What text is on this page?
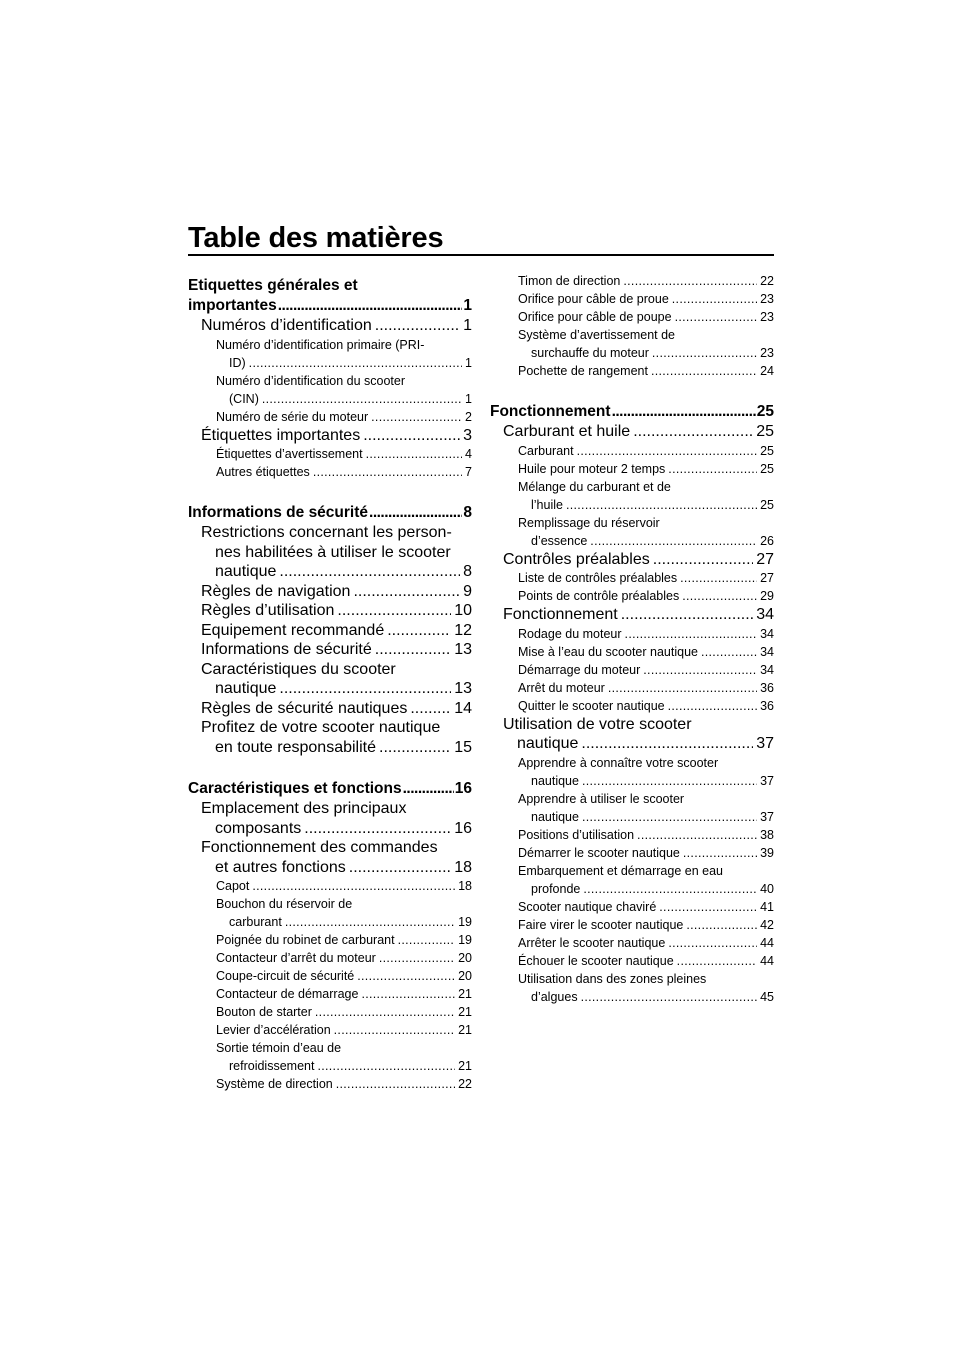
Table des matières
Etiquettes générales et
importantes .....	1
Numéros d’identification .....	1
Numéro d’identification primaire (PRI-
ID) .....	1
Numéro d’identification du scooter
(CIN) .....	1
Numéro de série du moteur .....	2
Étiquettes importantes .....	3
Étiquettes d’avertissement .....	4
Autres étiquettes .....	7
Informations de sécurité .....	8
Restrictions concernant les person-
nes habilitées à utiliser le scooter
nautique .....	8
Règles de navigation .....	9
Règles d’utilisation .....	10
Equipement recommandé .....	12
Informations de sécurité .....	13
Caractéristiques du scooter
nautique .....	13
Règles de sécurité nautiques .....	14
Profitez de votre scooter nautique
en toute responsabilité .....	15
Caractéristiques et fonctions .....	16
Emplacement des principaux
composants .....	16
Fonctionnement des commandes
et autres fonctions .....	18
Capot .....	18
Bouchon du réservoir de
carburant .....	19
Poignée du robinet de carburant .....	19
Contacteur d’arrêt du moteur .....	20
Coupe-circuit de sécurité .....	20
Contacteur de démarrage .....	21
Bouton de starter .....	21
Levier d’accélération .....	21
Sortie témoin d’eau de
refroidissement .....	21
Système de direction .....	22
Timon de direction .....	22
Orifice pour câble de proue .....	23
Orifice pour câble de poupe .....	23
Système d’avertissement de
surchauffe du moteur .....	23
Pochette de rangement .....	24
Fonctionnement .....	25
Carburant et huile .....	25
Carburant .....	25
Huile pour moteur 2 temps .....	25
Mélange du carburant et de
l’huile .....	25
Remplissage du réservoir
d’essence .....	26
Contrôles préalables .....	27
Liste de contrôles préalables .....	27
Points de contrôle préalables .....	29
Fonctionnement .....	34
Rodage du moteur .....	34
Mise à l’eau du scooter nautique .....	34
Démarrage du moteur .....	34
Arrêt du moteur .....	36
Quitter le scooter nautique .....	36
Utilisation de votre scooter
nautique .....	37
Apprendre à connaître votre scooter
nautique .....	37
Apprendre à utiliser le scooter
nautique .....	37
Positions d’utilisation .....	38
Démarrer le scooter nautique .....	39
Embarquement et démarrage en eau
profonde .....	40
Scooter nautique chaviré .....	41
Faire virer le scooter nautique .....	42
Arrêter le scooter nautique .....	44
Échouer le scooter nautique .....	44
Utilisation dans des zones pleines
d’algues .....	45
